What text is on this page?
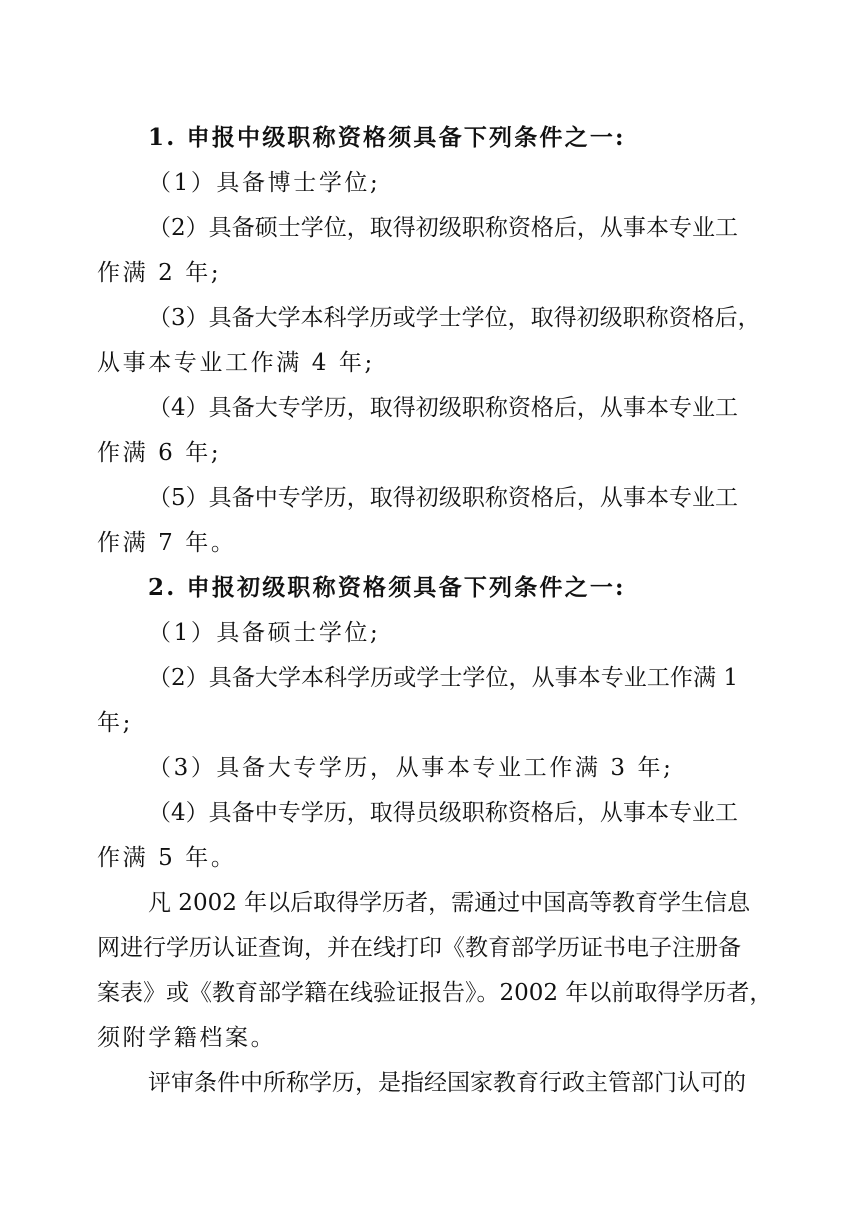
1. 申报中级职称资格须具备下列条件之一:
（1）具备博士学位;
（2）具备硕士学位，取得初级职称资格后，从事本专业工
作满 2 年;
（3）具备大学本科学历或学士学位，取得初级职称资格后，
从事本专业工作满 4 年;
（4）具备大专学历，取得初级职称资格后，从事本专业工
作满 6 年;
（5）具备中专学历，取得初级职称资格后，从事本专业工
作满 7 年。
2. 申报初级职称资格须具备下列条件之一:
（1）具备硕士学位;
（2）具备大学本科学历或学士学位，从事本专业工作满 1
年;
（3）具备大专学历，从事本专业工作满 3 年;
（4）具备中专学历，取得员级职称资格后，从事本专业工
作满 5 年。
凡 2002 年以后取得学历者，需通过中国高等教育学生信息
网进行学历认证查询，并在线打印《教育部学历证书电子注册备
案表》或《教育部学籍在线验证报告》。2002 年以前取得学历者，
须附学籍档案。
评审条件中所称学历，是指经国家教育行政主管部门认可的
